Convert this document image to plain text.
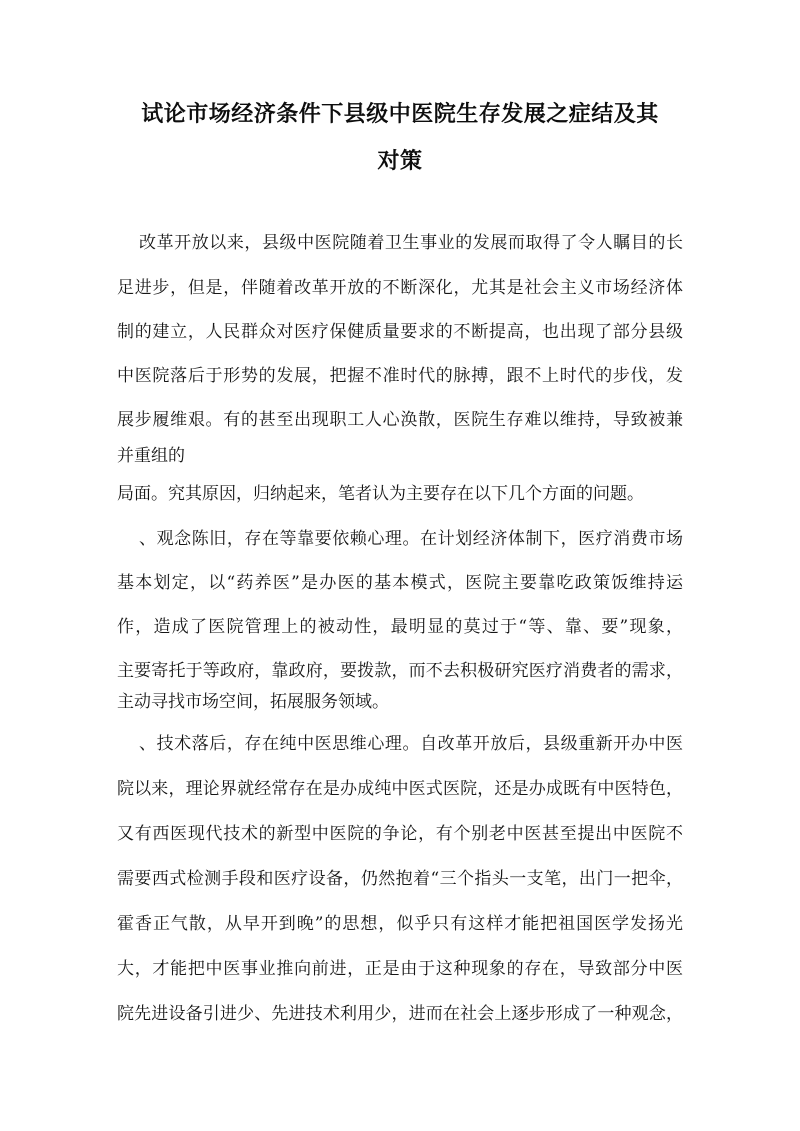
试论市场经济条件下县级中医院生存发展之症结及其
对策

改革开放以来，县级中医院随着卫生事业的发展而取得了令人瞩目的长

足进步，但是，伴随着改革开放的不断深化，尤其是社会主义市场经济体

制的建立，人民群众对医疗保健质量要求的不断提高，也出现了部分县级

中医院落后于形势的发展，把握不准时代的脉搏，跟不上时代的步伐，发

展步履维艰。有的甚至出现职工人心涣散，医院生存难以维持，导致被兼

并重组的

局面。究其原因，归纳起来，笔者认为主要存在以下几个方面的问题。

、观念陈旧，存在等靠要依赖心理。在计划经济体制下，医疗消费市场

基本划定，以“药养医”是办医的基本模式，医院主要靠吃政策饭维持运

作，造成了医院管理上的被动性，最明显的莫过于“等、靠、要”现象，

主要寄托于等政府，靠政府，要拨款，而不去积极研究医疗消费者的需求，

主动寻找市场空间，拓展服务领域。

、技术落后，存在纯中医思维心理。自改革开放后，县级重新开办中医

院以来，理论界就经常存在是办成纯中医式医院，还是办成既有中医特色，

又有西医现代技术的新型中医院的争论，有个别老中医甚至提出中医院不

需要西式检测手段和医疗设备，仍然抱着“三个指头一支笔，出门一把伞，

霍香正气散，从早开到晚”的思想，似乎只有这样才能把祖国医学发扬光

大，才能把中医事业推向前进，正是由于这种现象的存在，导致部分中医

院先进设备引进少、先进技术利用少，进而在社会上逐步形成了一种观念，
